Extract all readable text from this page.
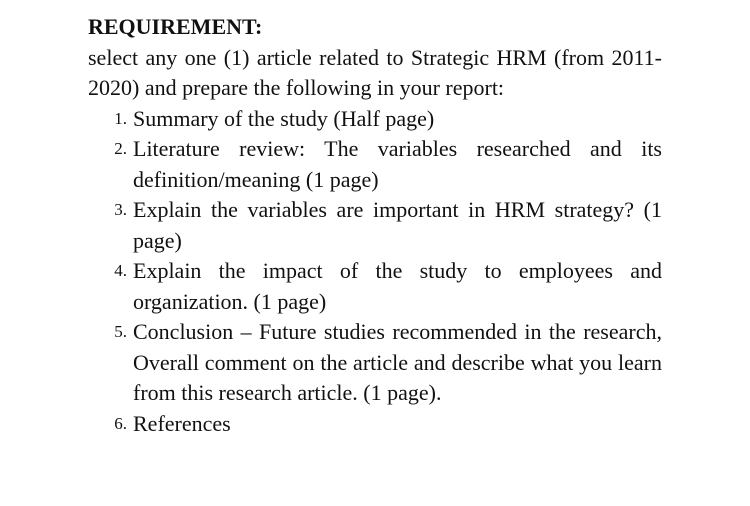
REQUIREMENT:

select any one (1) article related to Strategic HRM (from 2011-2020) and prepare the following in your report:

1. Summary of the study (Half page)
2. Literature review: The variables researched and its definition/meaning (1 page)
3. Explain the variables are important in HRM strategy? (1 page)
4. Explain the impact of the study to employees and organization. (1 page)
5. Conclusion – Future studies recommended in the research, Overall comment on the article and describe what you learn from this research article. (1 page).
6. References
